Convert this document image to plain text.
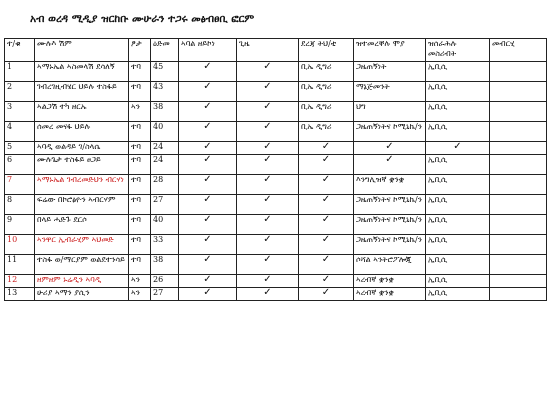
አብ ወረዳ ሚዲያ ዝርከቡ ሙሁራን ተጋሩ መፅብፀቢ ፎርም
ተ/ቁ	ሙሉእ ሽም	ፆታ	ዕድመ	ኣባል ዘይኮነ	ጊዜ	ደረጃ ትህ/ቲ	ዝተመረቐሉ ሞያ	ዝሰራሕሉ መስሪብት	መብርሂ
1	ኣማኑኤል ኣስመላሽ ደሳለኝ	ተባ	45	✓	✓	ቢኤ ዲግሪ	ጋዜጠኝነት	ኢቢሲ	
2	ገብረገዚብሄር ህይሉ ተስፋይ	ተባ	43	✓	✓	ቢኤ ዲግሪ	ማኔጅመንት	ኢቢሲ	
3	ኣልጋሽ ተካ ዘርኡ	ኣን	38	✓	✓	ቢኤ ዲግሪ	ህግ	ኢቢሲ	
4	ሰመረ መናፋ ህይሉ	ተባ	40	✓	✓	ቢኤ ዲግሪ	ጋዜጠኝነትና ኮሚኒኬ/ን	ኢቢሲ	
5	ኣባዲ ወልዳይ ገ/ስላሴ	ተባ	24	✓	✓	✓	✓	✓	
6	ሙሉጌታ ተስፋይ ፀጋይ	ተባ	24	✓	✓	✓	✓	ኢቢሲ	
7	ኣማኑኤል ገብረመድህን ብርሃነ	ተባ	28	✓	✓	✓	እንግሊዝኛ ቋንቋ	ኢቢሲ	
8	ፍሬው በኮሮፅዮን ኣብርሃም	ተባ	27	✓	✓	✓	ጋዜጠኝነትና ኮሚኒኬ/ን	ኢቢሲ	
9	በላይ ሓድጉ ደርሶ	ተባ	40	✓	✓	✓	ጋዜጠኝነትና ኮሚኒኬ/ን	ኢቢሲ	
10	ኣንዋር ኢብራሂም ኣህመድ	ተባ	33	✓	✓	✓	ጋዜጠኝነትና ኮሚኒኬ/ን	ኢቢሲ	
11	ተስፋ ወ/ማርያም ወልደተንሳይ	ተባ	38	✓	✓	✓	ሶሻል ኣንትሮፖሎጂ	ኢቢሲ	
12	ዘምዘም ኑሬዲን ኣባዲ	ኣን	26	✓	✓	✓	ኣረብኛ ቋንቋ	ኢቢሲ	
13	ሁሪያ ኣማን ያሲን	ኣን	27	✓	✓	✓	ኣረብኛ ቋንቋ	ኢቢሲ	
